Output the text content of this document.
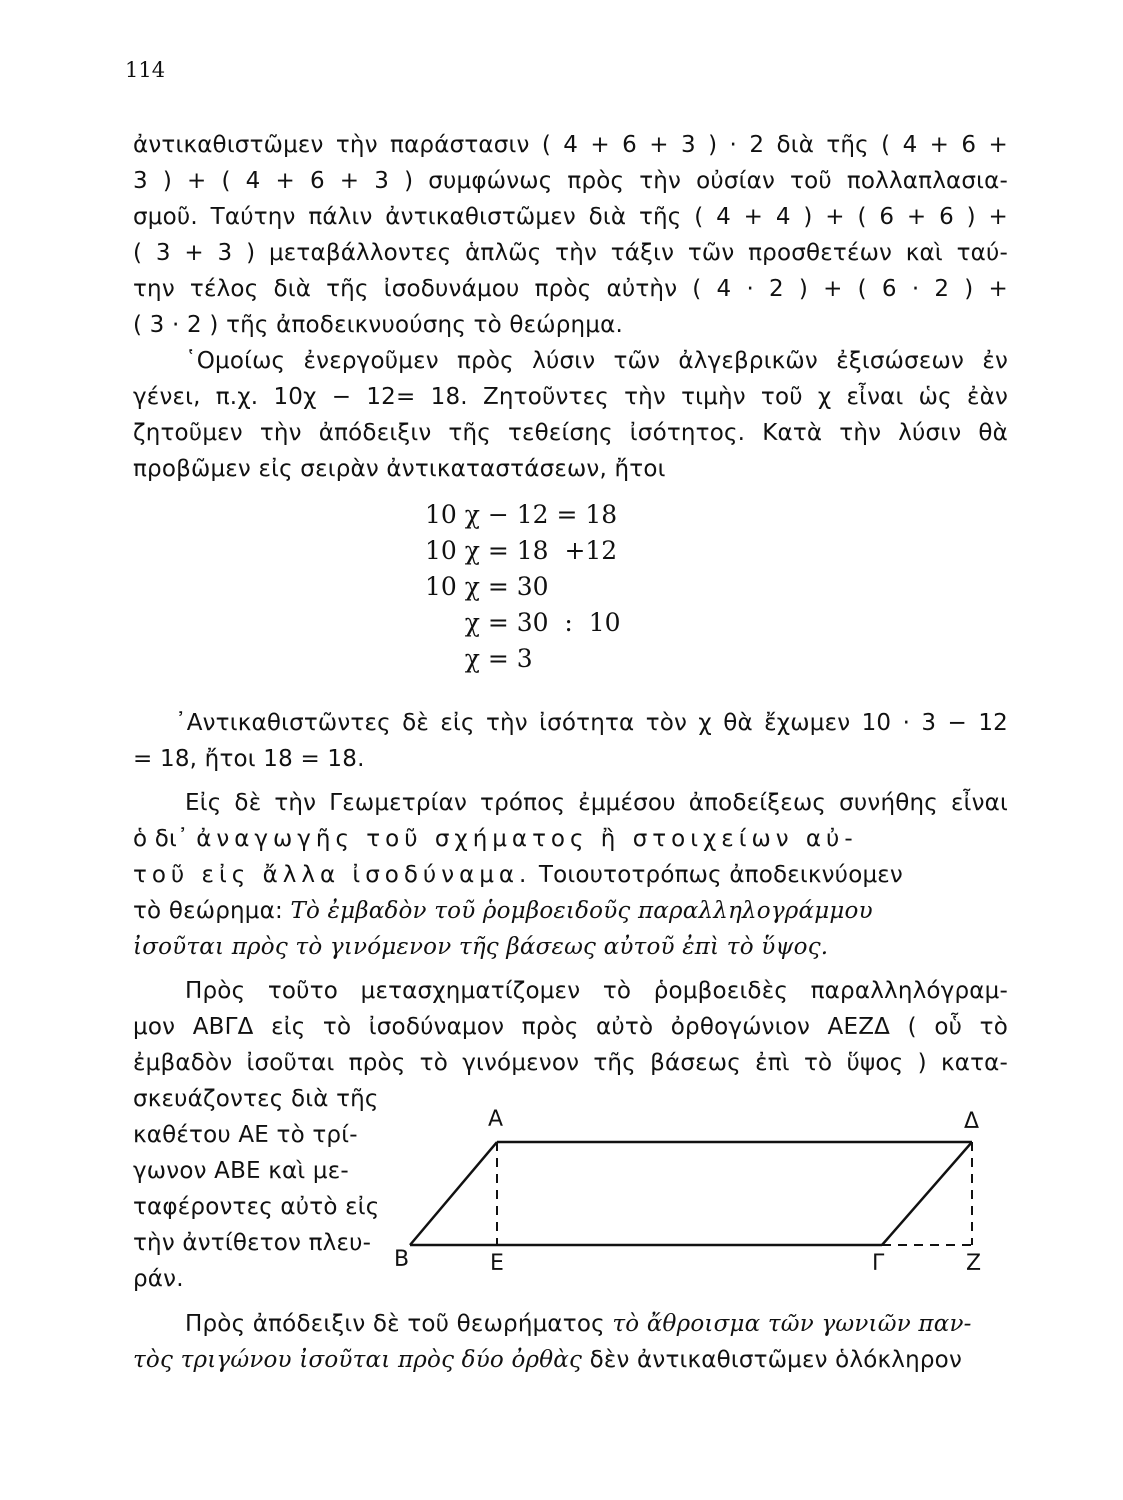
114
ἀντικαθιστῶμεν τὴν παράστασιν ( 4 + 6 + 3 ) · 2 διὰ τῆς ( 4 + 6 +
3 ) + ( 4 + 6 + 3 ) συμφώνως πρὸς τὴν οὐσίαν τοῦ πολλαπλασια-
σμοῦ. Ταύτην πάλιν ἀντικαθιστῶμεν διὰ τῆς ( 4 + 4 ) + ( 6 + 6 ) +
( 3 + 3 ) μεταβάλλοντες ἁπλῶς τὴν τάξιν τῶν προσθετέων καὶ ταύ-
την τέλος διὰ τῆς ἰσοδυνάμου πρὸς αὐτὴν ( 4 · 2 ) + ( 6 · 2 ) +
( 3 · 2 ) τῆς ἀποδεικνυούσης τὸ θεώρημα.
῾Ομοίως ἐνεργοῦμεν πρὸς λύσιν τῶν ἀλγεβρικῶν ἐξισώσεων ἐν
γένει, π.χ. 10χ − 12= 18. Ζητοῦντες τὴν τιμὴν τοῦ χ εἶναι ὡς ἐὰν
ζητοῦμεν τὴν ἀπόδειξιν τῆς τεθείσης ἰσότητος. Κατὰ τὴν λύσιν θὰ
προβῶμεν εἰς σειρὰν ἀντικαταστάσεων, ἤτοι
10 χ − 12 = 18
10 χ = 18  +12
10 χ = 30
χ = 30  :  10
χ = 3
᾿Αντικαθιστῶντες δὲ εἰς τὴν ἰσότητα τὸν χ θὰ ἔχωμεν 10 · 3 − 12
= 18, ἤτοι 18 = 18.
Εἰς δὲ τὴν Γεωμετρίαν τρόπος ἐμμέσου ἀποδείξεως συνήθης εἶναι
ὁ δι᾿ ἀναγωγῆς τοῦ σχήματος ἢ στοιχείων αὐ-
τοῦ εἰς ἄλλα ἰσοδύναμα. Τοιουτοτρόπως ἀποδεικνύομεν
τὸ θεώρημα: Τὸ ἐμβαδὸν τοῦ ῥομβοειδοῦς παραλληλογράμμου
ἰσοῦται πρὸς τὸ γινόμενον τῆς βάσεως αὐτοῦ ἐπὶ τὸ ὕψος.
Πρὸς τοῦτο μετασχηματίζομεν τὸ ῥομβοειδὲς παραλληλόγραμ-
μον ΑΒΓΔ εἰς τὸ ἰσοδύναμον πρὸς αὐτὸ ὀρθογώνιον ΑΕΖΔ ( οὗ τὸ
ἐμβαδὸν ἰσοῦται πρὸς τὸ γινόμενον τῆς βάσεως ἐπὶ τὸ ὕψος ) κατα-
σκευάζοντες διὰ τῆς
καθέτου ΑΕ τὸ τρί-
γωνον ΑΒΕ καὶ με-
ταφέροντες αὐτὸ εἰς
τὴν ἀντίθετον πλευ-
ράν.
Α	Δ
Β	Ε	Γ	Ζ
Πρὸς ἀπόδειξιν δὲ τοῦ θεωρήματος τὸ ἄθροισμα τῶν γωνιῶν παν-
τὸς τριγώνου ἰσοῦται πρὸς δύο ὀρθὰς δὲν ἀντικαθιστῶμεν ὁλόκληρον
